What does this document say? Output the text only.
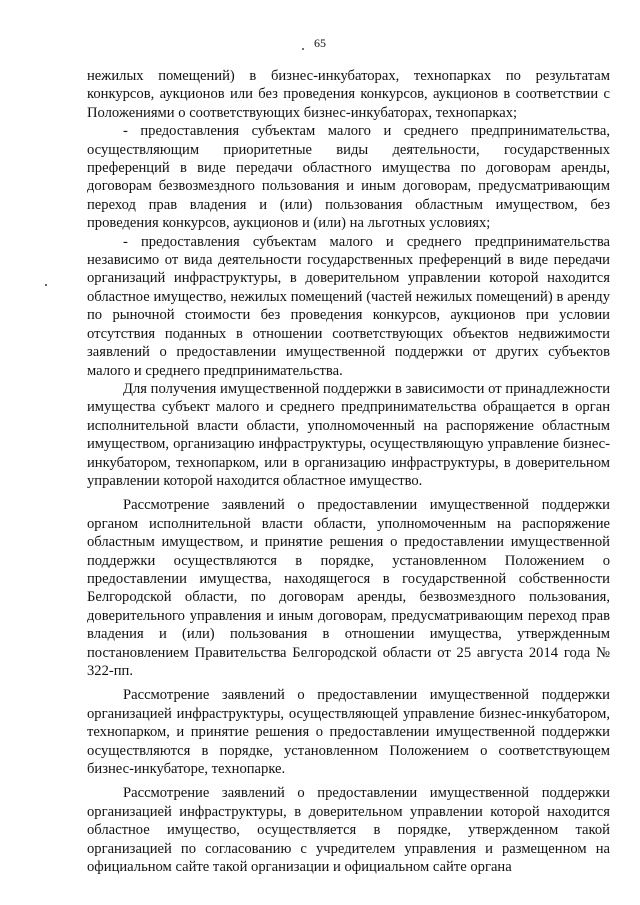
65

нежилых помещений) в бизнес-инкубаторах, технопарках по результатам конкурсов, аукционов или без проведения конкурсов, аукционов в соответствии с Положениями о соответствующих бизнес-инкубаторах, технопарках;

- предоставления субъектам малого и среднего предпринимательства, осуществляющим приоритетные виды деятельности, государственных преференций в виде передачи областного имущества по договорам аренды, договорам безвозмездного пользования и иным договорам, предусматривающим переход прав владения и (или) пользования областным имуществом, без проведения конкурсов, аукционов и (или) на льготных условиях;

- предоставления субъектам малого и среднего предпринимательства независимо от вида деятельности государственных преференций в виде передачи организаций инфраструктуры, в доверительном управлении которой находится областное имущество, нежилых помещений (частей нежилых помещений) в аренду по рыночной стоимости без проведения конкурсов, аукционов при условии отсутствия поданных в отношении соответствующих объектов недвижимости заявлений о предоставлении имущественной поддержки от других субъектов малого и среднего предпринимательства.

Для получения имущественной поддержки в зависимости от принадлежности имущества субъект малого и среднего предпринимательства обращается в орган исполнительной власти области, уполномоченный на распоряжение областным имуществом, организацию инфраструктуры, осуществляющую управление бизнес-инкубатором, технопарком, или в организацию инфраструктуры, в доверительном управлении которой находится областное имущество.

Рассмотрение заявлений о предоставлении имущественной поддержки органом исполнительной власти области, уполномоченным на распоряжение областным имуществом, и принятие решения о предоставлении имущественной поддержки осуществляются в порядке, установленном Положением о предоставлении имущества, находящегося в государственной собственности Белгородской области, по договорам аренды, безвозмездного пользования, доверительного управления и иным договорам, предусматривающим переход прав владения и (или) пользования в отношении имущества, утвержденным постановлением Правительства Белгородской области от 25 августа 2014 года № 322-пп.

Рассмотрение заявлений о предоставлении имущественной поддержки организацией инфраструктуры, осуществляющей управление бизнес-инкубатором, технопарком, и принятие решения о предоставлении имущественной поддержки осуществляются в порядке, установленном Положением о соответствующем бизнес-инкубаторе, технопарке.

Рассмотрение заявлений о предоставлении имущественной поддержки организацией инфраструктуры, в доверительном управлении которой находится областное имущество, осуществляется в порядке, утвержденном такой организацией по согласованию с учредителем управления и размещенном на официальном сайте такой организации и официальном сайте органа
